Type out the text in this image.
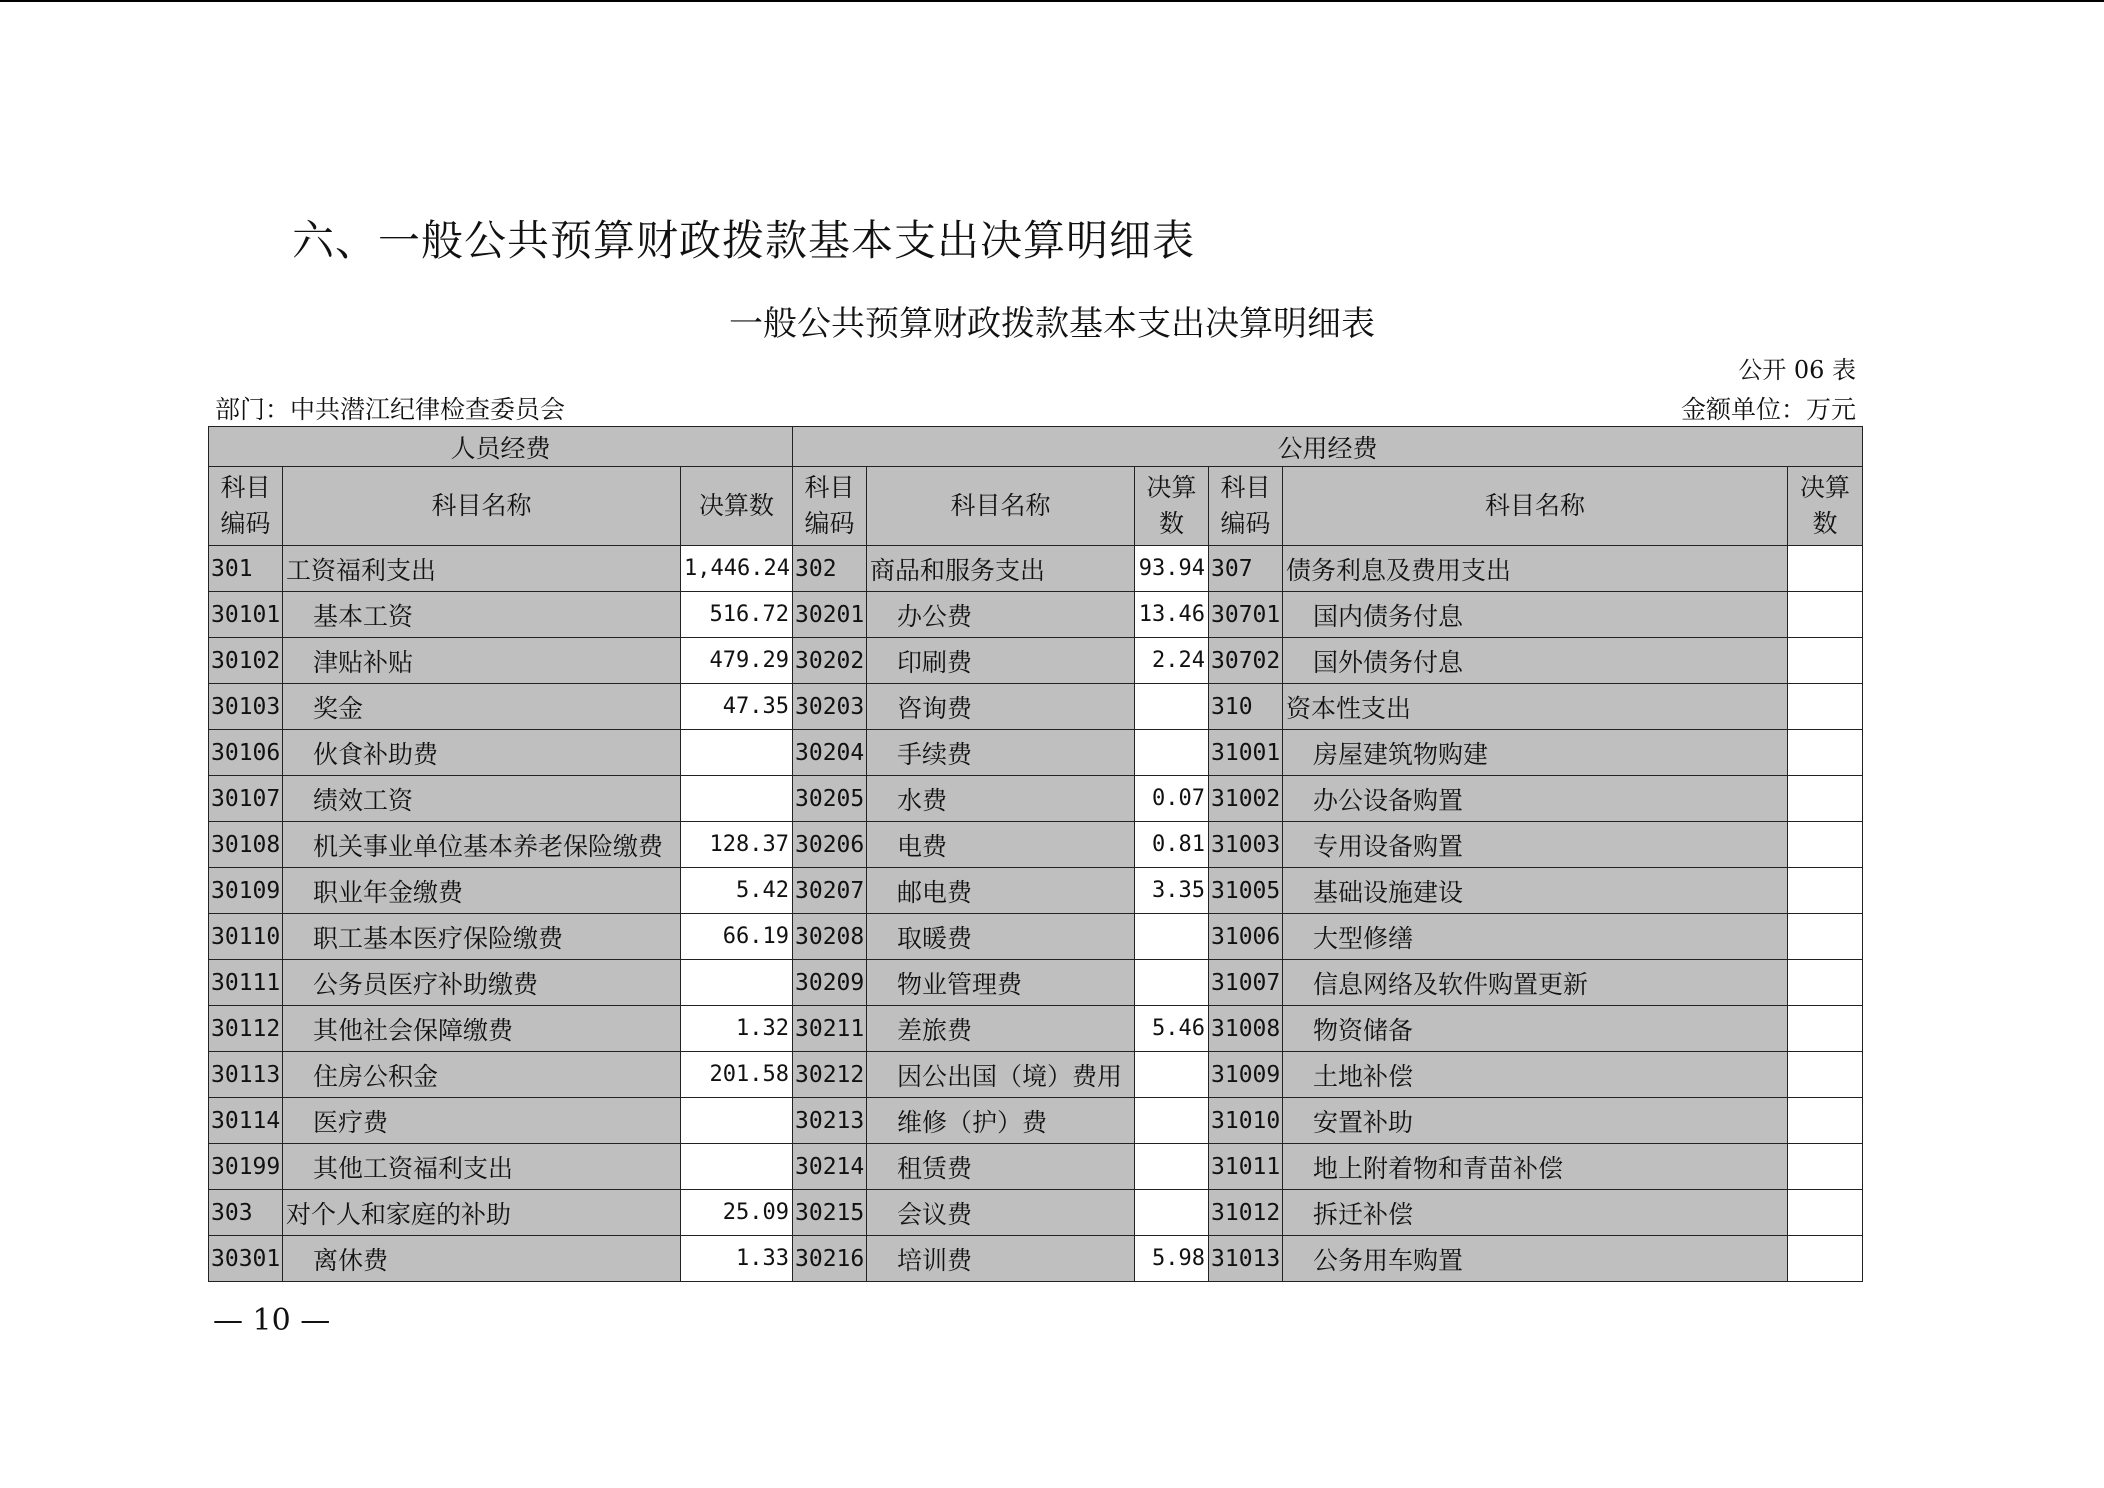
六、一般公共预算财政拨款基本支出决算明细表
一般公共预算财政拨款基本支出决算明细表
公开 06 表
部门：中共潜江纪律检查委员会	金额单位：万元
人员经费			公用经费					
科目编码	科目名称	决算数	科目编码	科目名称	决算数	科目编码	科目名称	决算数
301	工资福利支出	1,446.24	302	商品和服务支出	93.94	307	债务利息及费用支出	
30101	基本工资	516.72	30201	办公费	13.46	30701	国内债务付息	
30102	津贴补贴	479.29	30202	印刷费	2.24	30702	国外债务付息	
30103	奖金	47.35	30203	咨询费		310	资本性支出	
30106	伙食补助费		30204	手续费		31001	房屋建筑物购建	
30107	绩效工资		30205	水费	0.07	31002	办公设备购置	
30108	机关事业单位基本养老保险缴费	128.37	30206	电费	0.81	31003	专用设备购置	
30109	职业年金缴费	5.42	30207	邮电费	3.35	31005	基础设施建设	
30110	职工基本医疗保险缴费	66.19	30208	取暖费		31006	大型修缮	
30111	公务员医疗补助缴费		30209	物业管理费		31007	信息网络及软件购置更新	
30112	其他社会保障缴费	1.32	30211	差旅费	5.46	31008	物资储备	
30113	住房公积金	201.58	30212	因公出国（境）费用		31009	土地补偿	
30114	医疗费		30213	维修（护）费		31010	安置补助	
30199	其他工资福利支出		30214	租赁费		31011	地上附着物和青苗补偿	
303	对个人和家庭的补助	25.09	30215	会议费		31012	拆迁补偿	
30301	离休费	1.33	30216	培训费	5.98	31013	公务用车购置	
— 10 —
